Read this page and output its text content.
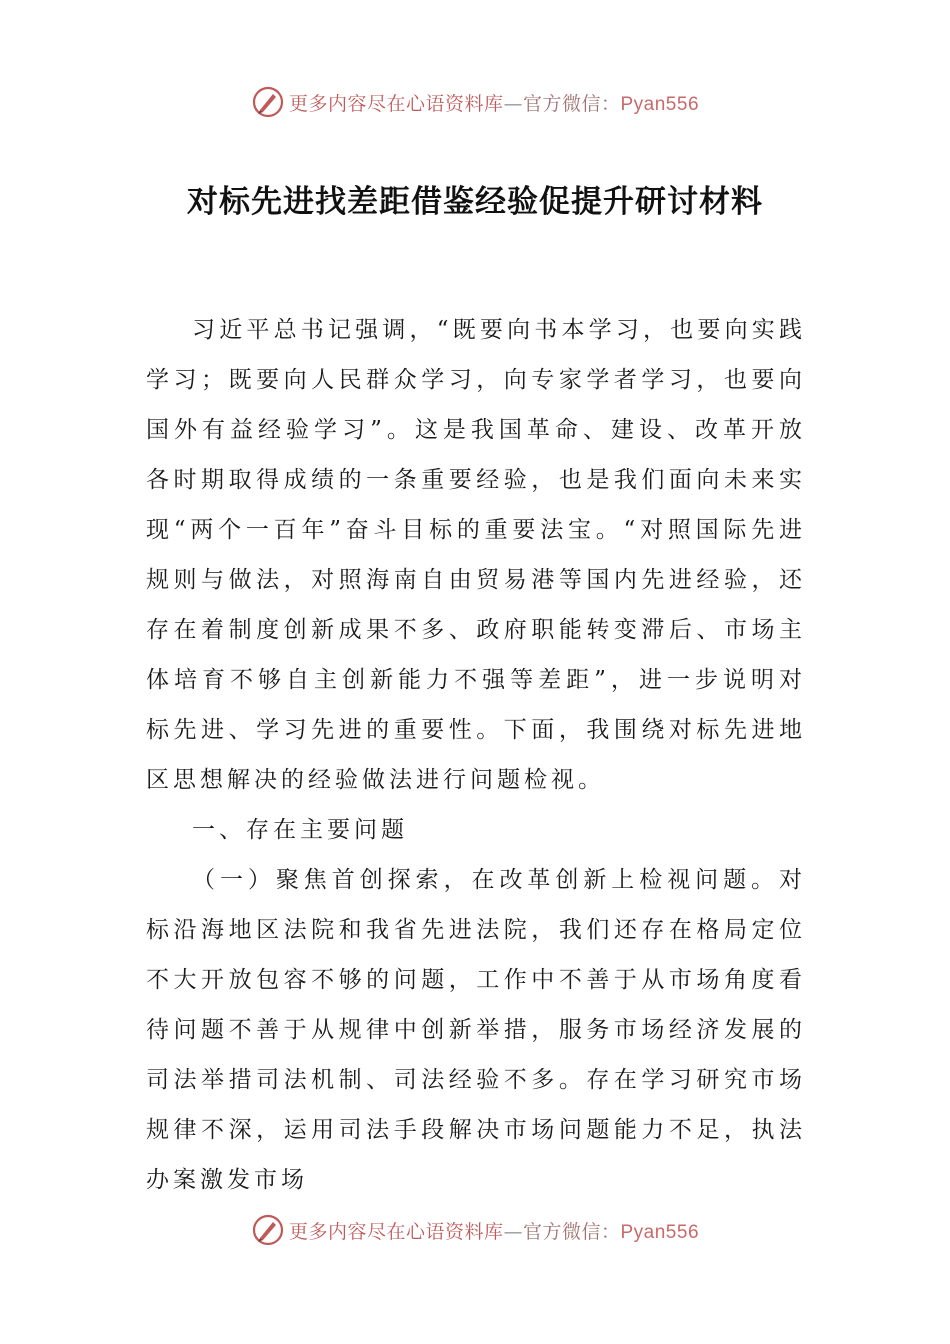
更多内容尽在心语资料库—官方微信：Pyan556
对标先进找差距借鉴经验促提升研讨材料

习近平总书记强调，“既要向书本学习，也要向实践学习；既要向人民群众学习，向专家学者学习，也要向国外有益经验学习”。这是我国革命、建设、改革开放各时期取得成绩的一条重要经验，也是我们面向未来实现“两个一百年”奋斗目标的重要法宝。“对照国际先进规则与做法，对照海南自由贸易港等国内先进经验，还存在着制度创新成果不多、政府职能转变滞后、市场主体培育不够自主创新能力不强等差距”，进一步说明对标先进、学习先进的重要性。下面，我围绕对标先进地区思想解决的经验做法进行问题检视。

一、存在主要问题

（一）聚焦首创探索，在改革创新上检视问题。对标沿海地区法院和我省先进法院，我们还存在格局定位不大开放包容不够的问题，工作中不善于从市场角度看待问题不善于从规律中创新举措，服务市场经济发展的司法举措司法机制、司法经验不多。存在学习研究市场规律不深，运用司法手段解决市场问题能力不足，执法办案激发市场

更多内容尽在心语资料库—官方微信：Pyan556
